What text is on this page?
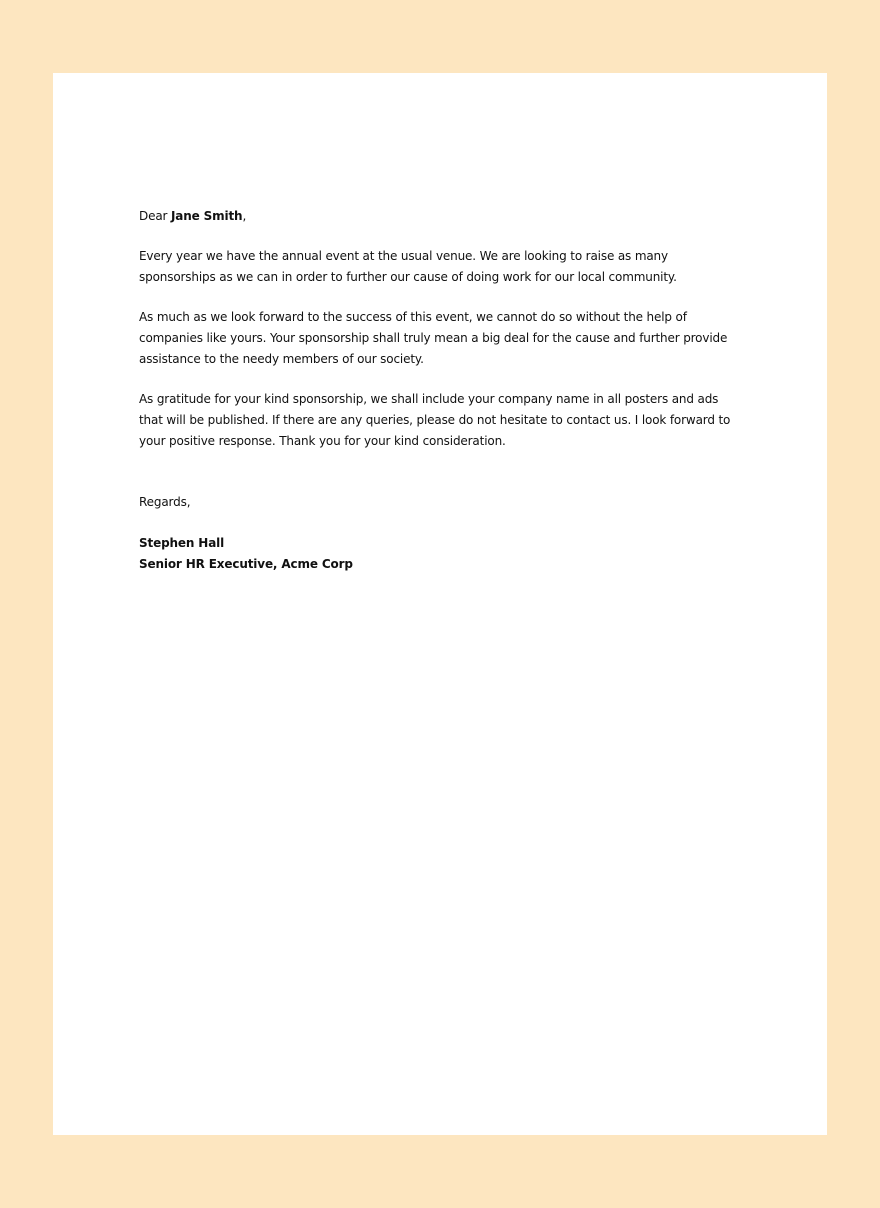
Dear Jane Smith,

Every year we have the annual event at the usual venue. We are looking to raise as many sponsorships as we can in order to further our cause of doing work for our local community.

As much as we look forward to the success of this event, we cannot do so without the help of companies like yours. Your sponsorship shall truly mean a big deal for the cause and further provide assistance to the needy members of our society.

As gratitude for your kind sponsorship, we shall include your company name in all posters and ads that will be published. If there are any queries, please do not hesitate to contact us. I look forward to your positive response. Thank you for your kind consideration.

Regards,

Stephen Hall

Senior HR Executive, Acme Corp
